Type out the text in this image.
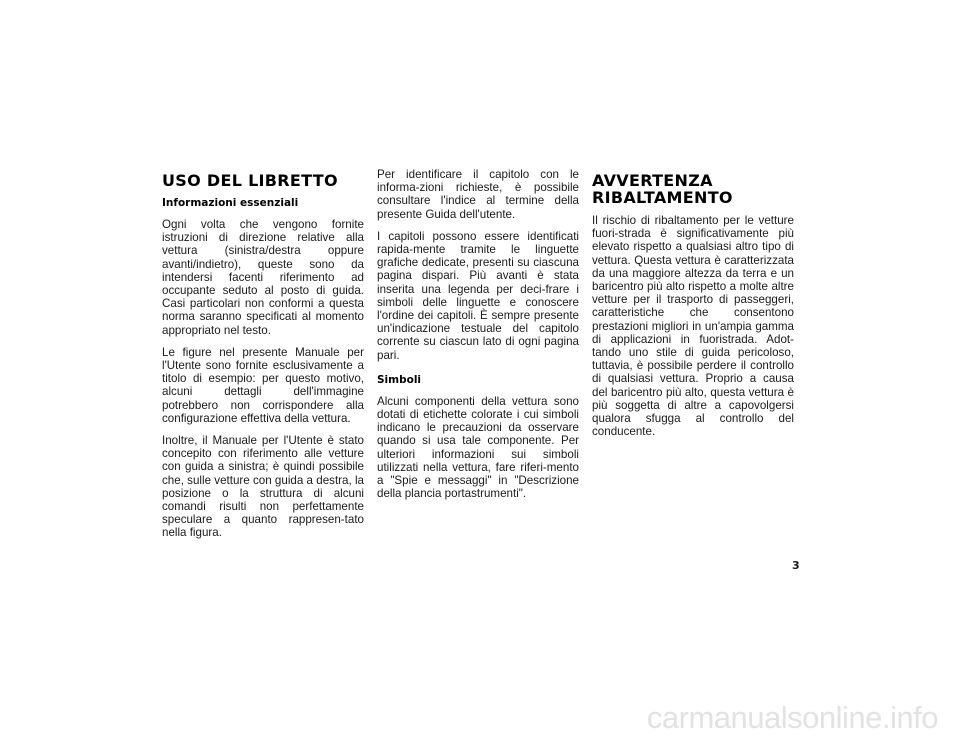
USO DEL LIBRETTO
Informazioni essenziali

Ogni volta che vengono fornite istruzioni di direzione relative alla vettura (sinistra/destra oppure avanti/indietro), queste sono da intendersi facenti riferimento ad occupante seduto al posto di guida. Casi particolari non conformi a questa norma saranno specificati al momento appropriato nel testo.

Le figure nel presente Manuale per l'Utente sono fornite esclusivamente a titolo di esempio: per questo motivo, alcuni dettagli dell'immagine potrebbero non corrispondere alla configurazione effettiva della vettura.

Inoltre, il Manuale per l'Utente è stato concepito con riferimento alle vetture con guida a sinistra; è quindi possibile che, sulle vetture con guida a destra, la posizione o la struttura di alcuni comandi risulti non perfettamente speculare a quanto rappresen-tato nella figura.

Per identificare il capitolo con le informa-zioni richieste, è possibile consultare l'indice al termine della presente Guida dell'utente.

I capitoli possono essere identificati rapida-mente tramite le linguette grafiche dedicate, presenti su ciascuna pagina dispari. Più avanti è stata inserita una legenda per deci-frare i simboli delle linguette e conoscere l'ordine dei capitoli. È sempre presente un'indicazione testuale del capitolo corrente su ciascun lato di ogni pagina pari.

Simboli

Alcuni componenti della vettura sono dotati di etichette colorate i cui simboli indicano le precauzioni da osservare quando si usa tale componente. Per ulteriori informazioni sui simboli utilizzati nella vettura, fare riferi-mento a "Spie e messaggi" in "Descrizione della plancia portastrumenti".

AVVERTENZA
RIBALTAMENTO

Il rischio di ribaltamento per le vetture fuori-strada è significativamente più elevato rispetto a qualsiasi altro tipo di vettura. Questa vettura è caratterizzata da una maggiore altezza da terra e un baricentro più alto rispetto a molte altre vetture per il trasporto di passeggeri, caratteristiche che consentono prestazioni migliori in un'ampia gamma di applicazioni in fuoristrada. Adot-tando uno stile di guida pericoloso, tuttavia, è possibile perdere il controllo di qualsiasi vettura. Proprio a causa del baricentro più alto, questa vettura è più soggetta di altre a capovolgersi qualora sfugga al controllo del conducente.

3
carmanualsonline.info
